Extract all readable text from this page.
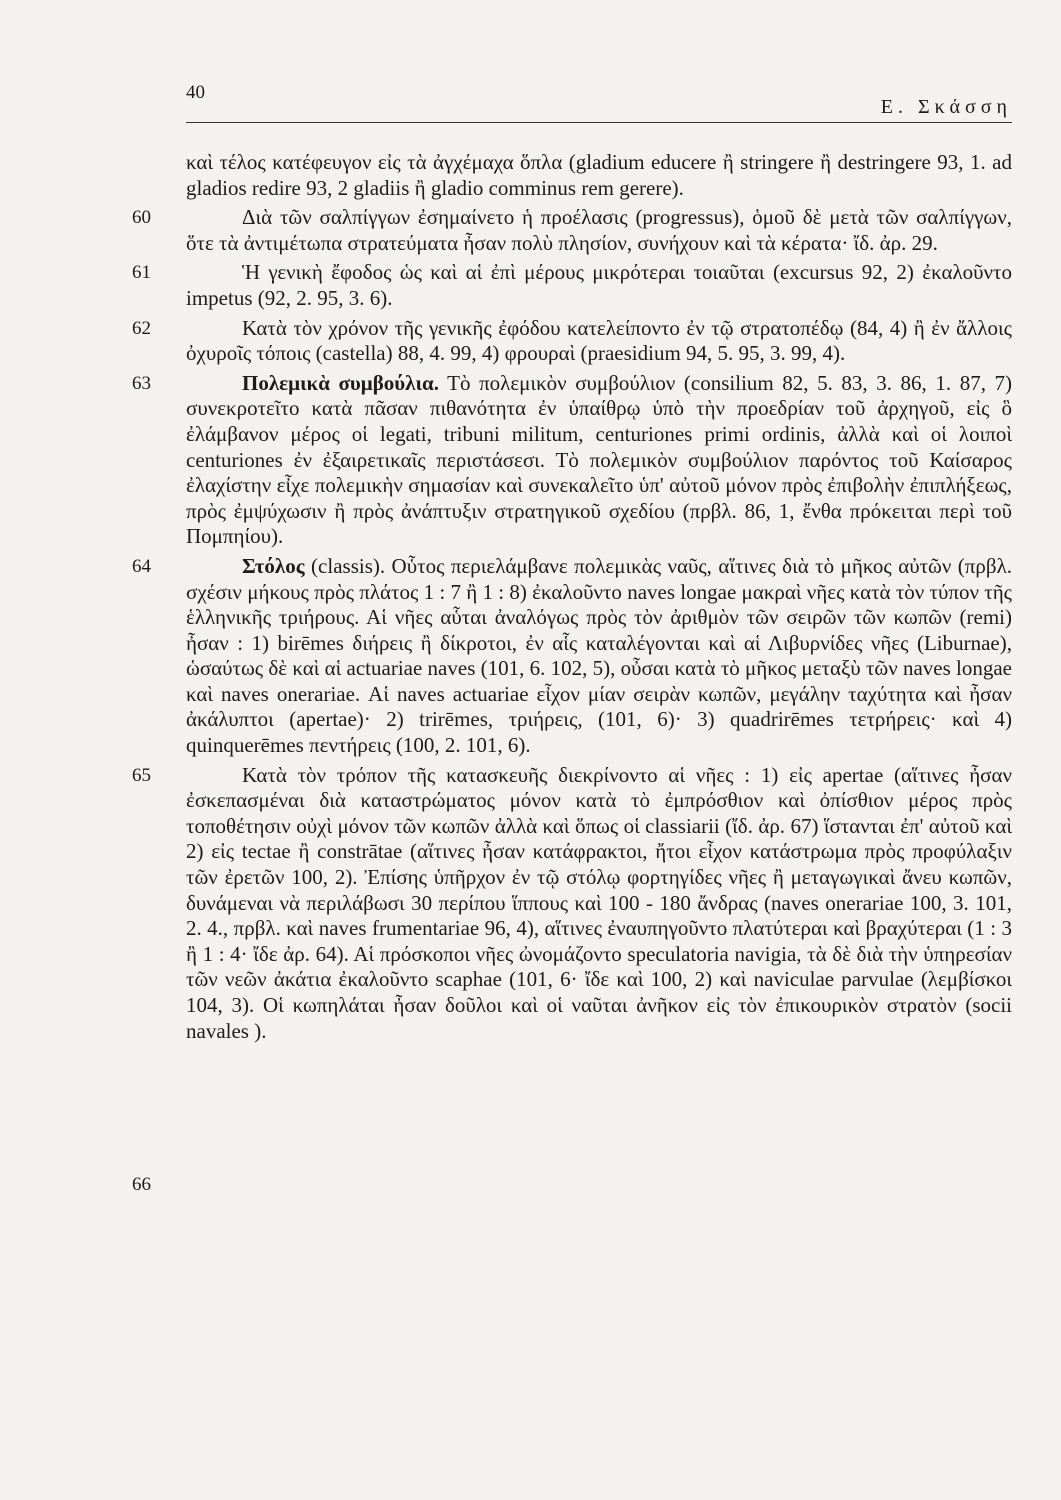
40
Ε. Σκάσση

καὶ τέλος κατέφευγον εἰς τὰ ἀγχέμαχα ὅπλα (gladium educere ἢ stringere ἢ destringere 93, 1. ad gladios redire 93, 2 gladiis ἢ gladio comminus rem gerere).

60	Διὰ τῶν σαλπίγγων ἐσημαίνετο ἡ προέλασις (progressus), ὁμοῦ δὲ μετὰ τῶν σαλπίγγων, ὅτε τὰ ἀντιμέτωπα στρατεύματα ἦσαν πολὺ πλησίον, συνήχουν καὶ τὰ κέρατα· ἴδ. ἀρ. 29.

61	Ἡ γενικὴ ἔφοδος ὡς καὶ αἱ ἐπὶ μέρους μικρότεραι τοιαῦται (excursus 92, 2) ἐκαλοῦντο impetus (92, 2. 95, 3. 6).

62	Κατὰ τὸν χρόνον τῆς γενικῆς ἐφόδου κατελείποντο ἐν τῷ στρατοπέδῳ (84, 4) ἢ ἐν ἄλλοις ὀχυροῖς τόποις (castella) 88, 4. 99, 4) φρουραὶ (praesidium 94, 5. 95, 3. 99, 4).

63	Πολεμικὰ συμβούλια. Τὸ πολεμικὸν συμβούλιον (consilium 82, 5. 83, 3. 86, 1. 87, 7) συνεκροτεῖτο κατὰ πᾶσαν πιθανότητα ἐν ὑπαίθρῳ ὑπὸ τὴν προεδρίαν τοῦ ἀρχηγοῦ, εἰς ὃ ἐλάμβανον μέρος οἱ legati, tribuni militum, centuriones primi ordinis, ἀλλὰ καὶ οἱ λοιποὶ centuriones ἐν ἐξαιρετικαῖς περιστάσεσι. Τὸ πολεμικὸν συμβούλιον παρόντος τοῦ Καίσαρος ἐλαχίστην εἶχε πολεμικὴν σημασίαν καὶ συνεκαλεῖτο ὑπ' αὐτοῦ μόνον πρὸς ἐπιβολὴν ἐπιπλήξεως, πρὸς ἐμψύχωσιν ἢ πρὸς ἀνάπτυξιν στρατηγικοῦ σχεδίου (πρβλ. 86, 1, ἔνθα πρόκειται περὶ τοῦ Πομπηίου).

64	Στόλος (classis). Οὗτος περιελάμβανε πολεμικὰς ναῦς, αἵτινες διὰ τὸ μῆκος αὐτῶν (πρβλ. σχέσιν μήκους πρὸς πλάτος 1 : 7 ἢ 1 : 8) ἐκαλοῦντο naves longae μακραὶ νῆες κατὰ τὸν τύπον τῆς ἑλληνικῆς τριήρους. Αἱ νῆες αὗται ἀναλόγως πρὸς τὸν ἀριθμὸν τῶν σειρῶν τῶν κωπῶν (remi) ἦσαν : 1) birēmes διήρεις ἢ δίκροτοι, ἐν αἷς καταλέγονται καὶ αἱ Λιβυρνίδες νῆες (Liburnae), ὡσαύτως δὲ καὶ αἱ actuariae naves (101, 6. 102, 5), οὖσαι κατὰ τὸ μῆκος μεταξὺ τῶν naves longae καὶ naves onerariae. Αἱ naves actuariae εἶχον μίαν σειρὰν κωπῶν, μεγάλην ταχύτητα καὶ ἦσαν ἀκάλυπτοι (apertae)· 2) trirēmes, τριήρεις, (101, 6)· 3) quadrirēmes τετρήρεις· καὶ 4) quinquerēmes πεντήρεις (100, 2. 101, 6).

65
66
Κατὰ τὸν τρόπον τῆς κατασκευῆς διεκρίνοντο αἱ νῆες : 1) εἰς apertae (αἵτινες ἦσαν ἐσκεπασμέναι διὰ καταστρώματος μόνον κατὰ τὸ ἐμπρόσθιον καὶ ὀπίσθιον μέρος πρὸς τοποθέτησιν οὐχὶ μόνον τῶν κωπῶν ἀλλὰ καὶ ὅπως οἱ classiarii (ἴδ. ἀρ. 67) ἵστανται ἐπ' αὐτοῦ καὶ 2) εἰς tectae ἢ constrātae (αἵτινες ἦσαν κατάφρακτοι, ἤτοι εἶχον κατάστρωμα πρὸς προφύλαξιν τῶν ἐρετῶν 100, 2). Ἐπίσης ὑπῆρχον ἐν τῷ στόλῳ φορτηγίδες νῆες ἢ μεταγωγικαὶ ἄνευ κωπῶν, δυνάμεναι νὰ περιλάβωσι 30 περίπου ἵππους καὶ 100 - 180 ἄνδρας (naves onerariae 100, 3. 101, 2. 4., πρβλ. καὶ naves frumentariae 96, 4), αἵτινες ἐναυπηγοῦντο πλατύτεραι καὶ βραχύτεραι (1 : 3 ἢ 1 : 4· ἴδε ἀρ. 64). Αἱ πρόσκοποι νῆες ὠνομάζοντο speculatoria navigia, τὰ δὲ διὰ τὴν ὑπηρεσίαν τῶν νεῶν ἀκάτια ἐκαλοῦντο scaphae (101, 6· ἴδε καὶ 100, 2) καὶ naviculae parvulae (λεμβίσκοι 104, 3). Οἱ κωπηλάται ἦσαν δοῦλοι καὶ οἱ ναῦται ἀνῆκον εἰς τὸν ἐπικουρικὸν στρατὸν (socii navales ).
